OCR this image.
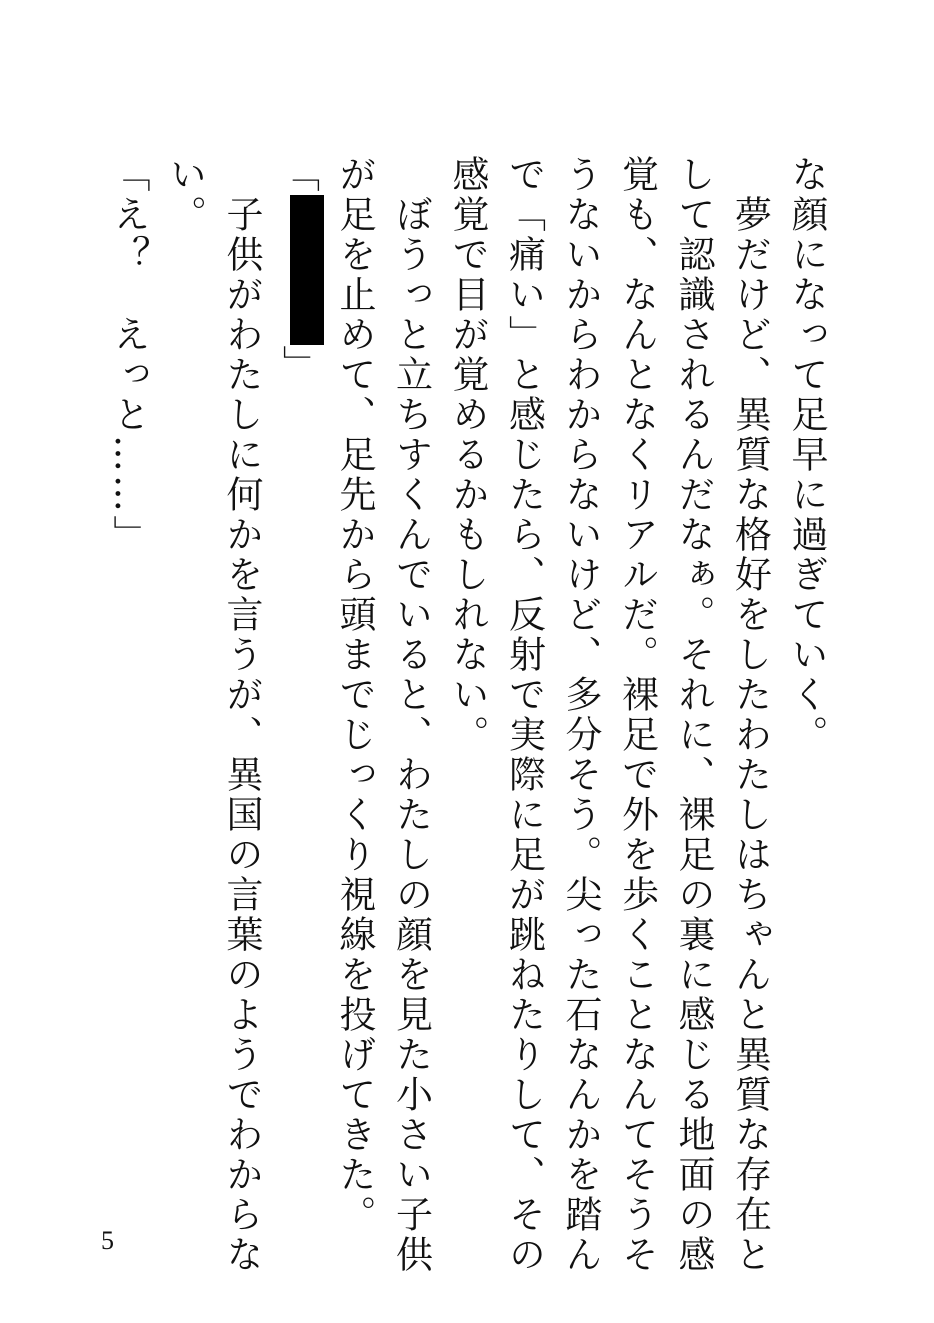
な顔になって足早に過ぎていく。
　夢だけど、異質な格好をしたわたしはちゃんと異質な存在と
して認識されるんだなぁ。それに、裸足の裏に感じる地面の感
覚も、なんとなくリアルだ。裸足で外を歩くことなんてそうそ
うないからわからないけど、多分そう。尖った石なんかを踏ん
で「痛い」と感じたら、反射で実際に足が跳ねたりして、その
感覚で目が覚めるかもしれない。
　ぼうっと立ちすくんでいると、わたしの顔を見た小さい子供
が足を止めて、足先から頭までじっくり視線を投げてきた。
「」
　子供がわたしに何かを言うが、異国の言葉のようでわからな
い。
「え？　えっと……」
5
